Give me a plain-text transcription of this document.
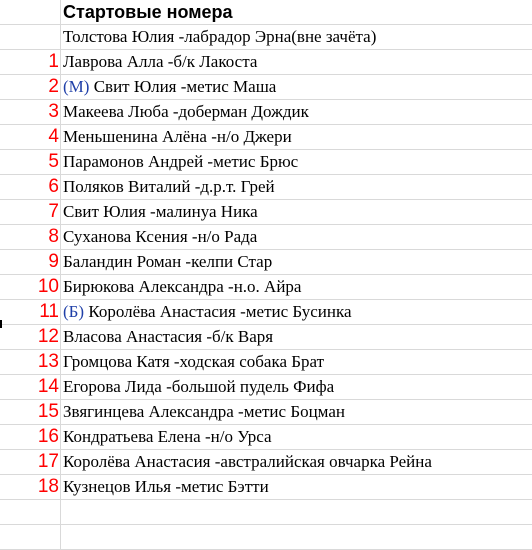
Стартовые номера
Толстова Юлия -лабрадор Эрна(вне зачёта)
1 Лаврова Алла -б/к Лакоста
2 (М) Свит Юлия -метис Маша
3 Макеева Люба -доберман Дождик
4 Меньшенина Алёна -н/о Джери
5 Парамонов Андрей -метис Брюс
6 Поляков Виталий -д.р.т. Грей
7 Свит Юлия -малинуа Ника
8 Суханова Ксения -н/о Рада
9 Баландин Роман -келпи Стар
10 Бирюкова Александра -н.о. Айра
11 (Б) Королёва Анастасия -метис Бусинка
12 Власова Анастасия -б/к Варя
13 Громцова Катя -ходская собака Брат
14 Егорова Лида -большой пудель Фифа
15 Звягинцева Александра -метис Боцман
16 Кондратьева Елена -н/о Урса
17 Королёва Анастасия -австралийская овчарка Рейна
18 Кузнецов Илья -метис Бэтти
